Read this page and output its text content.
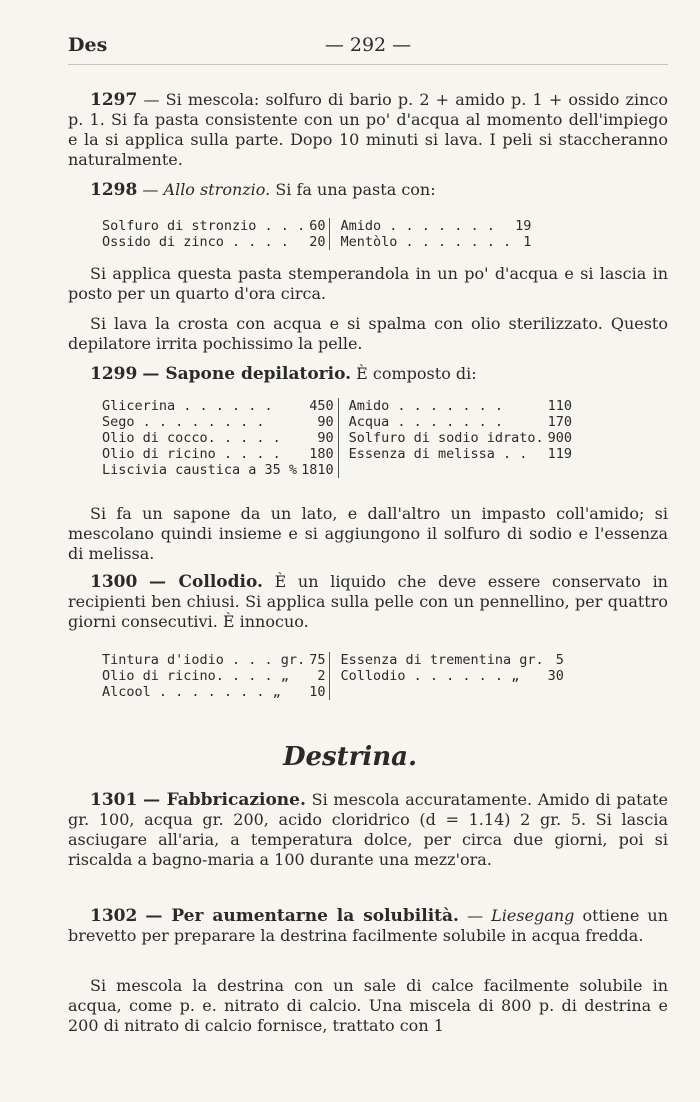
Des	— 292 —

1297 — Si mescola: solfuro di bario p. 2 + amido p. 1 + ossido zinco p. 1. Si fa pasta consistente con un po' d'acqua al momento dell'impiego e la si applica sulla parte. Dopo 10 minuti si lava. I peli si staccheranno naturalmente.

1298 — Allo stronzio. Si fa una pasta con:

Solfuro di stronzio . . .	60	Amido . . . . . . .	19
Ossido di zinco . . . .	20	Mentòlo . . . . . . .	1

Si applica questa pasta stemperandola in un po' d'acqua e si lascia in posto per un quarto d'ora circa.

Si lava la crosta con acqua e si spalma con olio sterilizzato. Questo depilatore irrita pochissimo la pelle.

1299 — Sapone depilatorio. È composto di:

Glicerina . . . . . .	450	Amido . . . . . . .	110
Sego . . . . . . . .	90	Acqua . . . . . . .	170
Olio di cocco. . . . .	90	Solfuro di sodio idrato.	900
Olio di ricino . . . .	180	Essenza di melissa . .	119
Liscivia caustica a 35 %	1810		

Si fa un sapone da un lato, e dall'altro un impasto coll'amido; si mescolano quindi insieme e si aggiungono il solfuro di sodio e l'essenza di melissa.

1300 — Collodio. È un liquido che deve essere conservato in recipienti ben chiusi. Si applica sulla pelle con un pennellino, per quattro giorni consecutivi. È innocuo.

Tintura d'iodio . . . gr.	75	Essenza di trementina gr.	5
Olio di ricino. . . . „	2	Collodio . . . . . . „	30
Alcool . . . . . . . „	10		
Destrina.

1301 — Fabbricazione. Si mescola accuratamente. Amido di patate gr. 100, acqua gr. 200, acido cloridrico (d = 1.14) 2 gr. 5. Si lascia asciugare all'aria, a temperatura dolce, per circa due giorni, poi si riscalda a bagno-maria a 100 durante una mezz'ora.

1302 — Per aumentarne la solubilità. — Liesegang ottiene un brevetto per preparare la destrina facilmente solubile in acqua fredda.

Si mescola la destrina con un sale di calce facilmente solubile in acqua, come p. e. nitrato di calcio. Una miscela di 800 p. di destrina e 200 di nitrato di calcio fornisce, trattato con 1
